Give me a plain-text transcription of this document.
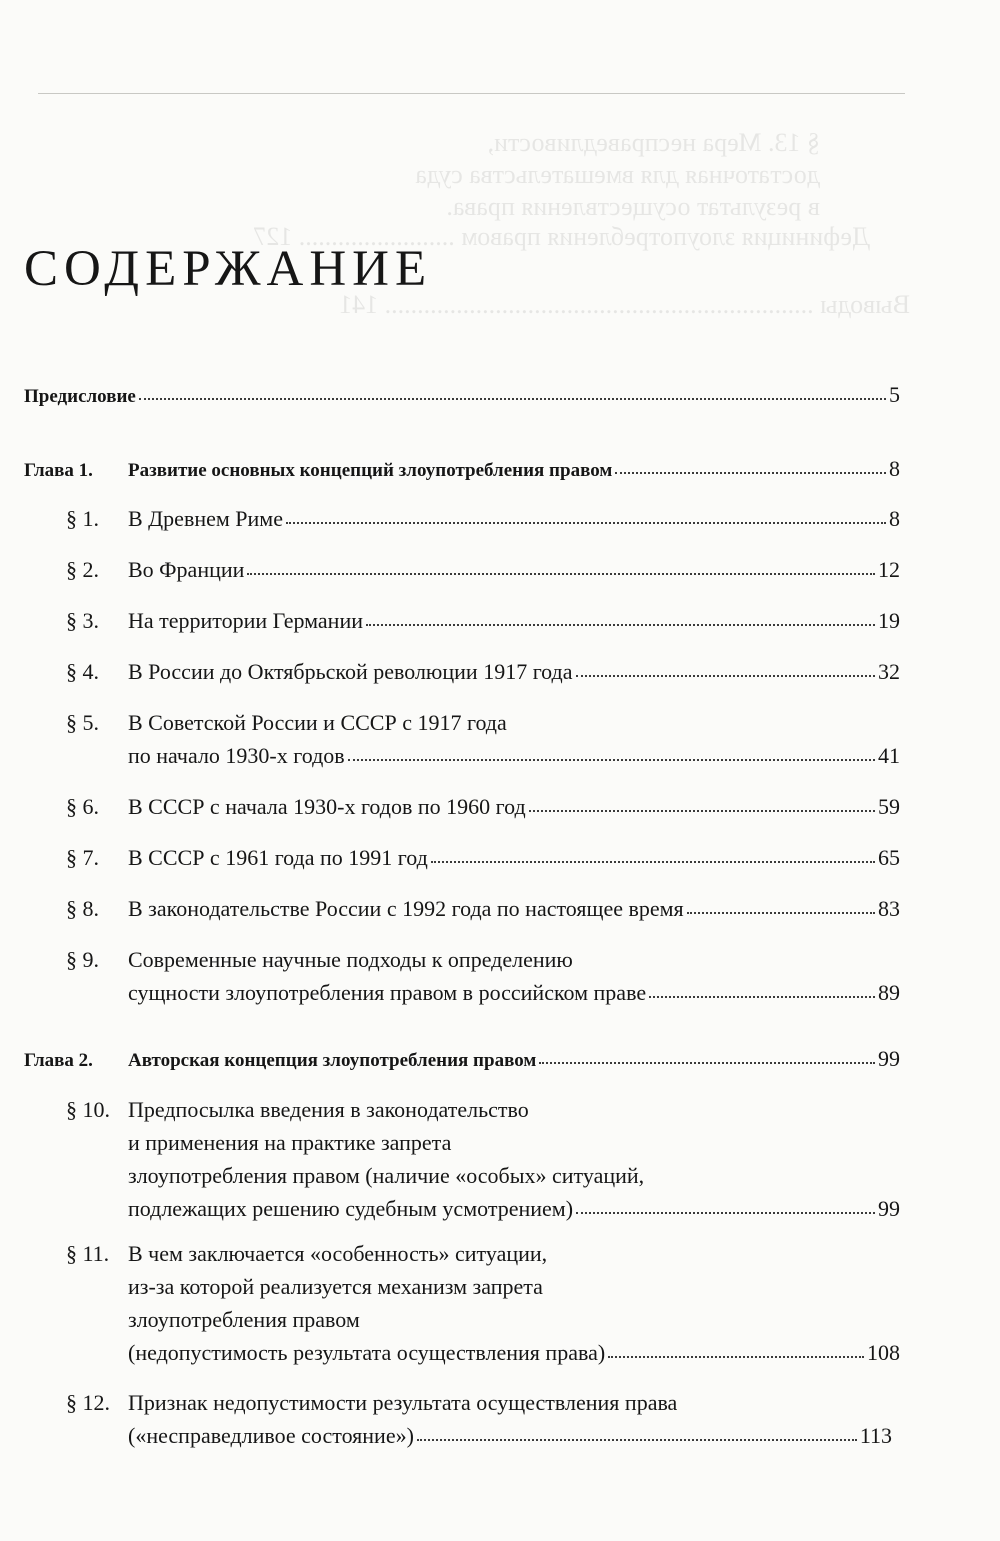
§ 13. Мера несправедливости,
достаточная для вмешательства суда
в результат осуществления права.
Дефиниция злоупотребления правом ........................ 127
Выводы .................................................................. 141
СОДЕРЖАНИЕ
Предисловие	5
Глава 1.	Развитие основных концепций злоупотребления правом	8
§ 1.	В Древнем Риме	8
§ 2.	Во Франции	12
§ 3.	На территории Германии	19
§ 4.	В России до Октябрьской революции 1917 года	32
§ 5. В Советской России и СССР с 1917 года
по начало 1930-х годов	41
§ 6.	В СССР с начала 1930-х годов по 1960 год	59
§ 7.	В СССР с 1961 года по 1991 год	65
§ 8.	В законодательстве России с 1992 года по настоящее время	83
§ 9. Современные научные подходы к определению
сущности злоупотребления правом в российском праве	89
Глава 2.	Авторская концепция злоупотребления правом	99
§ 10. Предпосылка введения в законодательство
и применения на практике запрета
злоупотребления правом (наличие «особых» ситуаций,
подлежащих решению судебным усмотрением)	99
§ 11. В чем заключается «особенность» ситуации,
из-за которой реализуется механизм запрета
злоупотребления правом
(недопустимость результата осуществления права)	108
§ 12. Признак недопустимости результата осуществления права
(«несправедливое состояние»)	113
